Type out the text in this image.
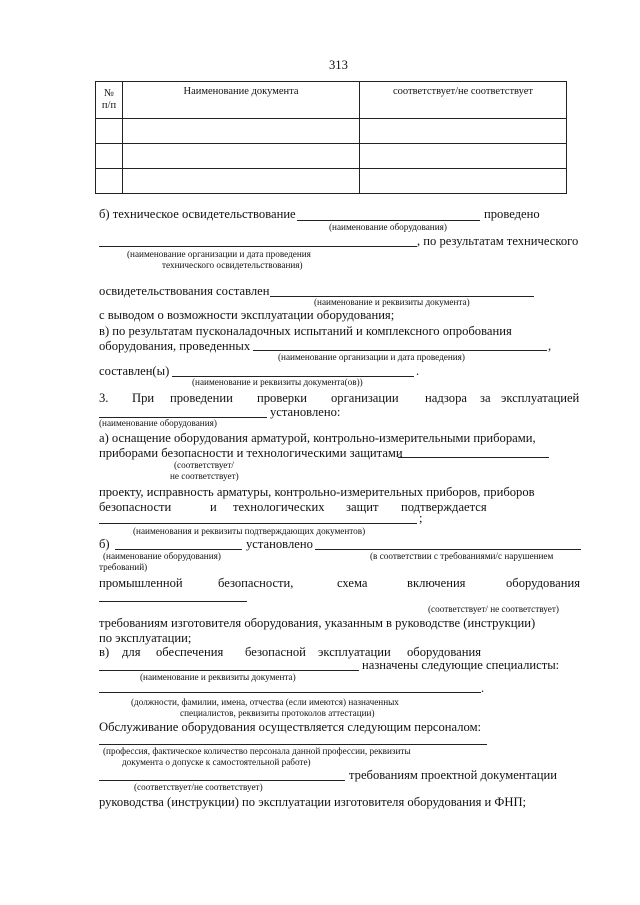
313
№ п/п	Наименование документа	соответствует/не соответствует

б) техническое освидетельствование	проведено
(наименование оборудования)
, по результатам технического
(наименование организации и дата проведения
технического освидетельствования)
освидетельствования составлен
(наименование и реквизиты документа)
с выводом о возможности эксплуатации оборудования;
в) по результатам пусконаладочных испытаний и комплексного опробования
оборудования, проведенных	,
(наименование организации и дата проведения)
составлен(ы)	.
(наименование и реквизиты документа(ов))
3. При проведении проверки организации надзора за эксплуатацией
установлено:
(наименование оборудования)
а) оснащение оборудования арматурой, контрольно-измерительными приборами,
приборами безопасности и технологическими защитами
(соответствует/
не соответствует)
проекту, исправность арматуры, контрольно-измерительных приборов, приборов
безопасности	и технологических защит подтверждается
;
(наименования и реквизиты подтверждающих документов)
б)	установлено
(наименование оборудования)	(в соответствии с требованиями/с нарушением
требований)
промышленной	безопасности,	схема	включения	оборудования
(соответствует/ не соответствует)
требованиям изготовителя оборудования, указанным в руководстве (инструкции)
по эксплуатации;
в) для обеспечения безопасной эксплуатации оборудования
назначены следующие специалисты:
(наименование и реквизиты документа)
.
(должности, фамилии, имена, отчества (если имеются) назначенных
специалистов, реквизиты протоколов аттестации)
Обслуживание оборудования осуществляется следующим персоналом:
(профессия, фактическое количество персонала данной профессии, реквизиты
документа о допуске к самостоятельной работе)
требованиям проектной документации
(соответствует/не соответствует)
руководства (инструкции) по эксплуатации изготовителя оборудования и ФНП;
